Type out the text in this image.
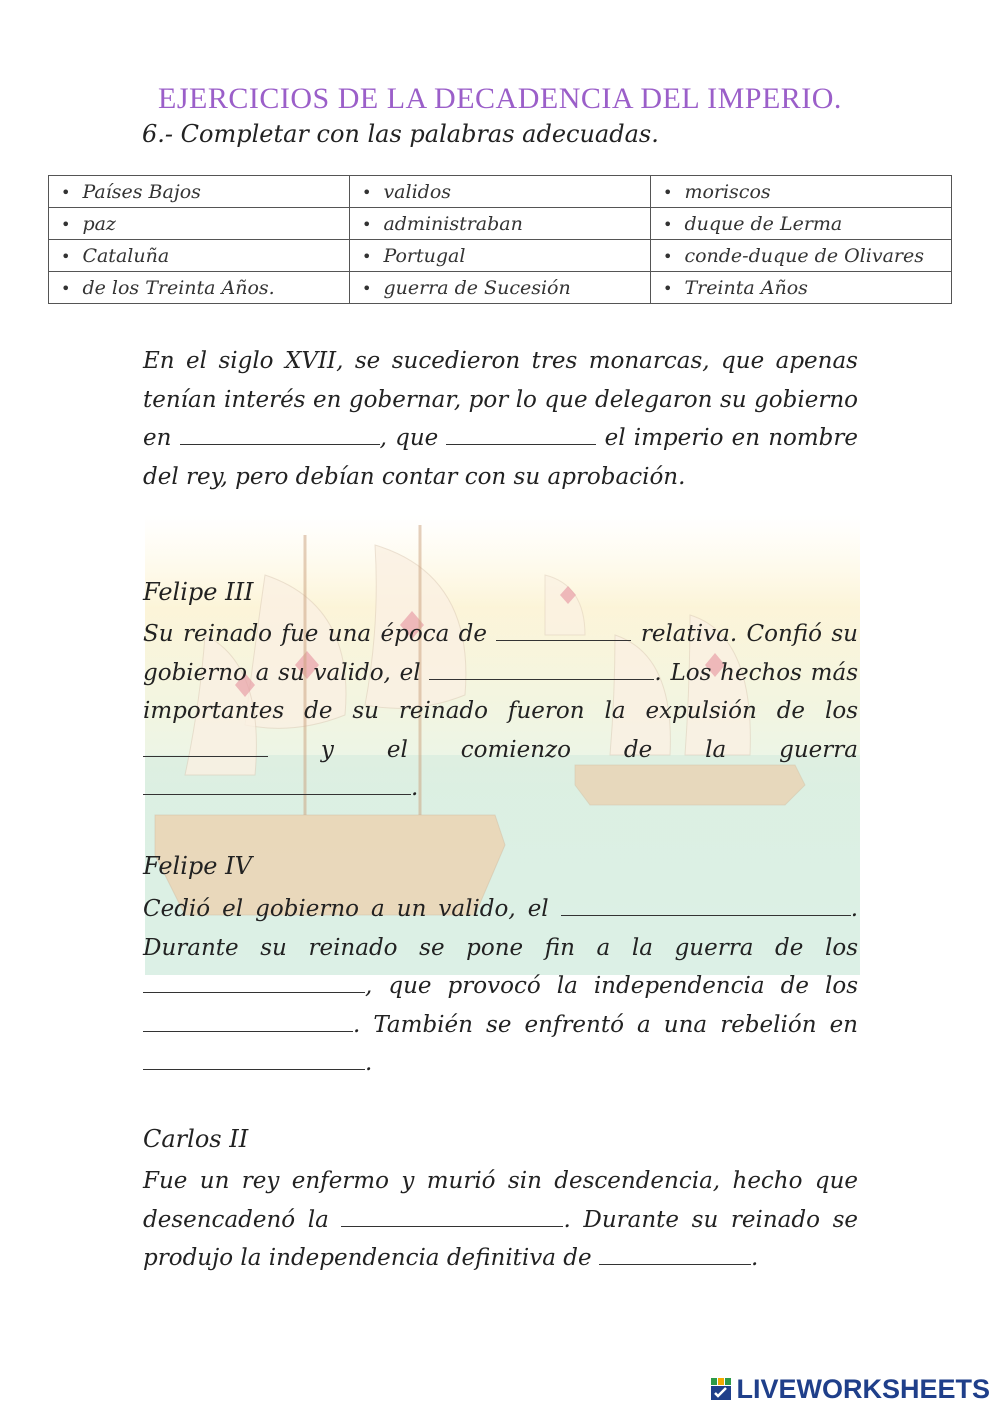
EJERCICIOS DE LA DECADENCIA DEL IMPERIO.
6.- Completar con las palabras adecuadas.
• Países Bajos	• validos	• moriscos
• paz	• administraban	• duque de Lerma
• Cataluña	• Portugal	• conde-duque de Olivares
• de los Treinta Años.	• guerra de Sucesión	• Treinta Años
En el siglo XVII, se sucedieron tres monarcas, que apenas tenían interés en gobernar, por lo que delegaron su gobierno en	, que	el imperio en nombre del rey, pero debían contar con su aprobación.
Felipe III
Su reinado fue una época de	relativa. Confió su gobierno a su valido, el	. Los hechos más importantes de su reinado fueron la expulsión de los  y el comienzo de la guerra .
Felipe IV
Cedió el gobierno a un valido, el	. Durante su reinado se pone fin a la guerra de los , que provocó la independencia de los . También se enfrentó a una rebelión en .
Carlos II
Fue un rey enfermo y murió sin descendencia, hecho que desencadenó la	. Durante su reinado se produjo la independencia definitiva de	.
LIVEWORKSHEETS
